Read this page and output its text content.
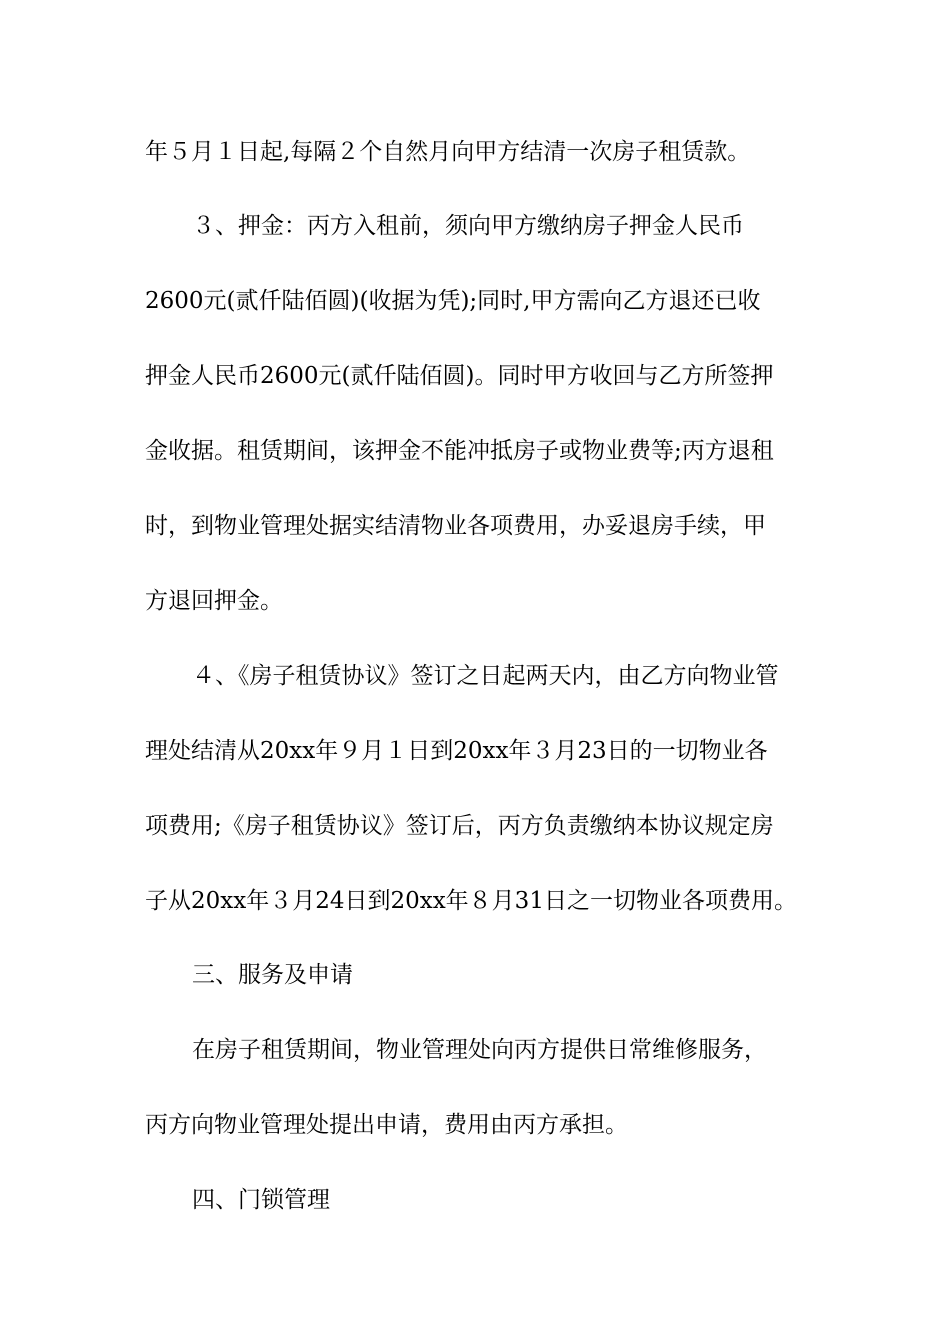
年５月１日起,每隔２个自然月向甲方结清一次房子租赁款。
３、押金：丙方入租前，须向甲方缴纳房子押金人民币
2600元(贰仟陆佰圆)(收据为凭);同时,甲方需向乙方退还已收
押金人民币2600元(贰仟陆佰圆)。同时甲方收回与乙方所签押
金收据。租赁期间，该押金不能冲抵房子或物业费等;丙方退租
时，到物业管理处据实结清物业各项费用，办妥退房手续，甲
方退回押金。
４、《房子租赁协议》签订之日起两天内，由乙方向物业管
理处结清从20xx年９月１日到20xx年３月23日的一切物业各
项费用;《房子租赁协议》签订后，丙方负责缴纳本协议规定房
子从20xx年３月24日到20xx年８月31日之一切物业各项费用。
三、服务及申请
在房子租赁期间，物业管理处向丙方提供日常维修服务，
丙方向物业管理处提出申请，费用由丙方承担。
四、门锁管理
